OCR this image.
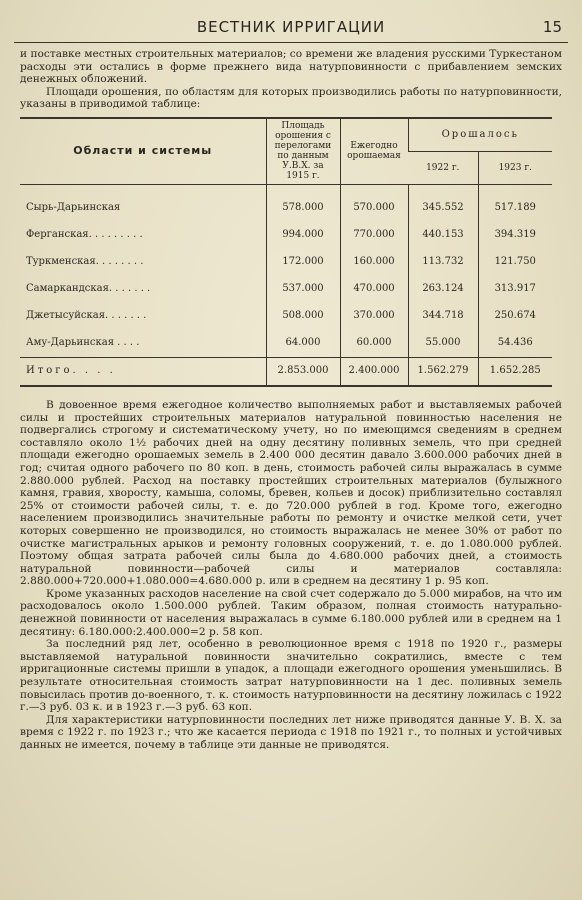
ВЕСТНИК ИРРИГАЦИИ	15

и поставке местных строительных материалов; со времени же владения русскими Туркестаном расходы эти остались в форме прежнего вида натурповинности с прибавлением земских денежных обложений.

Площади орошения, по областям для которых производились работы по натурповинности, указаны в приводимой таблице:

Области и системы	Площадь орошения с перелогами по данным У.В.Х. за 1915 г.	Ежегодно орошаемая	Орошалось	
			1922 г.	1923 г.
Сырь-Дарьинская	578.000	570.000	345.552	517.189
Ферганская. . . . . . . . .	994.000	770.000	440.153	394.319
Туркменская. . . . . . . .	172.000	160.000	113.732	121.750
Самаркандская. . . . . . .	537.000	470.000	263.124	313.917
Джетысуйская. . . . . . .	508.000	370.000	344.718	250.674
Аму-Дарьинская . . . .	64.000	60.000	55.000	54.436
Итого. . . .	2.853.000	2.400.000	1.562.279	1.652.285

В довоенное время ежегодное количество выполняемых работ и выставляемых рабочей силы и простейших строительных материалов натуральной повинностью населения не подвергались строгому и систематическому учету, но по имеющимся сведениям в среднем составляло около 1½ рабочих дней на одну десятину поливных земель, что при средней площади ежегодно орошаемых земель в 2.400 000 десятин давало 3.600.000 рабочих дней в год; считая одного рабочего по 80 коп. в день, стоимость рабочей силы выражалась в сумме 2.880.000 рублей. Расход на поставку простейших строительных материалов (булыжного камня, гравия, хворосту, камыша, соломы, бревен, кольев и досок) приблизительно составлял 25% от стоимости рабочей силы, т. е. до 720.000 рублей в год. Кроме того, ежегодно населением производились значительные работы по ремонту и очистке мелкой сети, учет которых совершенно не производился, но стоимость выражалась не менее 30% от работ по очистке магистральных арыков и ремонту головных сооружений, т. е. до 1.080.000 рублей. Поэтому общая затрата рабочей силы была до 4.680.000 рабочих дней, а стоимость натуральной повинности—рабочей силы и материалов составляла: 2.880.000+720.000+1.080.000=4.680.000 р. или в среднем на десятину 1 р. 95 коп.

Кроме указанных расходов население на свой счет содержало до 5.000 мирабов, на что им расходовалось около 1.500.000 рублей. Таким образом, полная стоимость натурально-денежной повинности от населения выражалась в сумме 6.180.000 рублей или в среднем на 1 десятину: 6.180.000:2.400.000=2 р. 58 коп.

За последний ряд лет, особенно в революционное время с 1918 по 1920 г., размеры выставляемой натуральной повинности значительно сократились, вместе с тем ирригационные системы пришли в упадок, а площади ежегодного орошения уменьшились. В результате относительная стоимость затрат натурповинности на 1 дес. поливных земель повысилась против до-военного, т. к. стоимость натурповинности на десятину ложилась с 1922 г.—3 руб. 03 к. и в 1923 г.—3 руб. 63 коп.

Для характеристики натурповинности последних лет ниже приводятся данные У. В. Х. за время с 1922 г. по 1923 г.; что же касается периода с 1918 по 1921 г., то полных и устойчивых данных не имеется, почему в таблице эти данные не приводятся.
